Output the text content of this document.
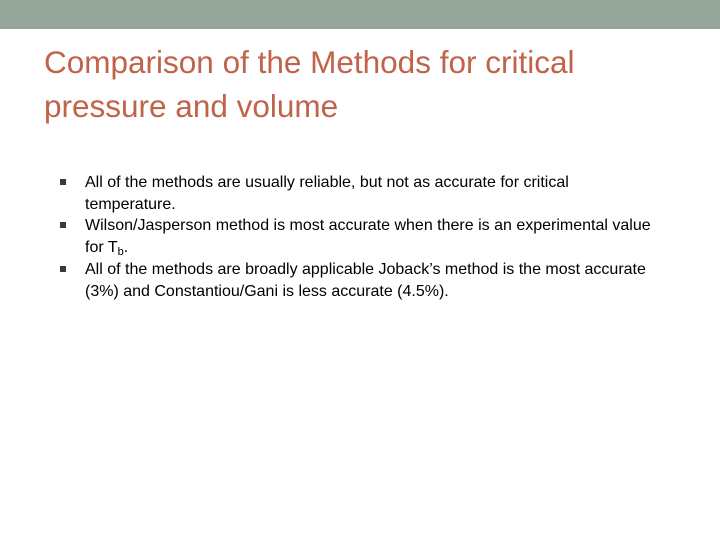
Comparison of the Methods for critical pressure and volume
All of the methods are usually reliable, but not as accurate for critical temperature.
Wilson/Jasperson method is most accurate when there is an experimental value for $T_b$.
All of the methods are broadly applicable Joback’s method is the most accurate (3%) and Constantiou/Gani is less accurate (4.5%).
